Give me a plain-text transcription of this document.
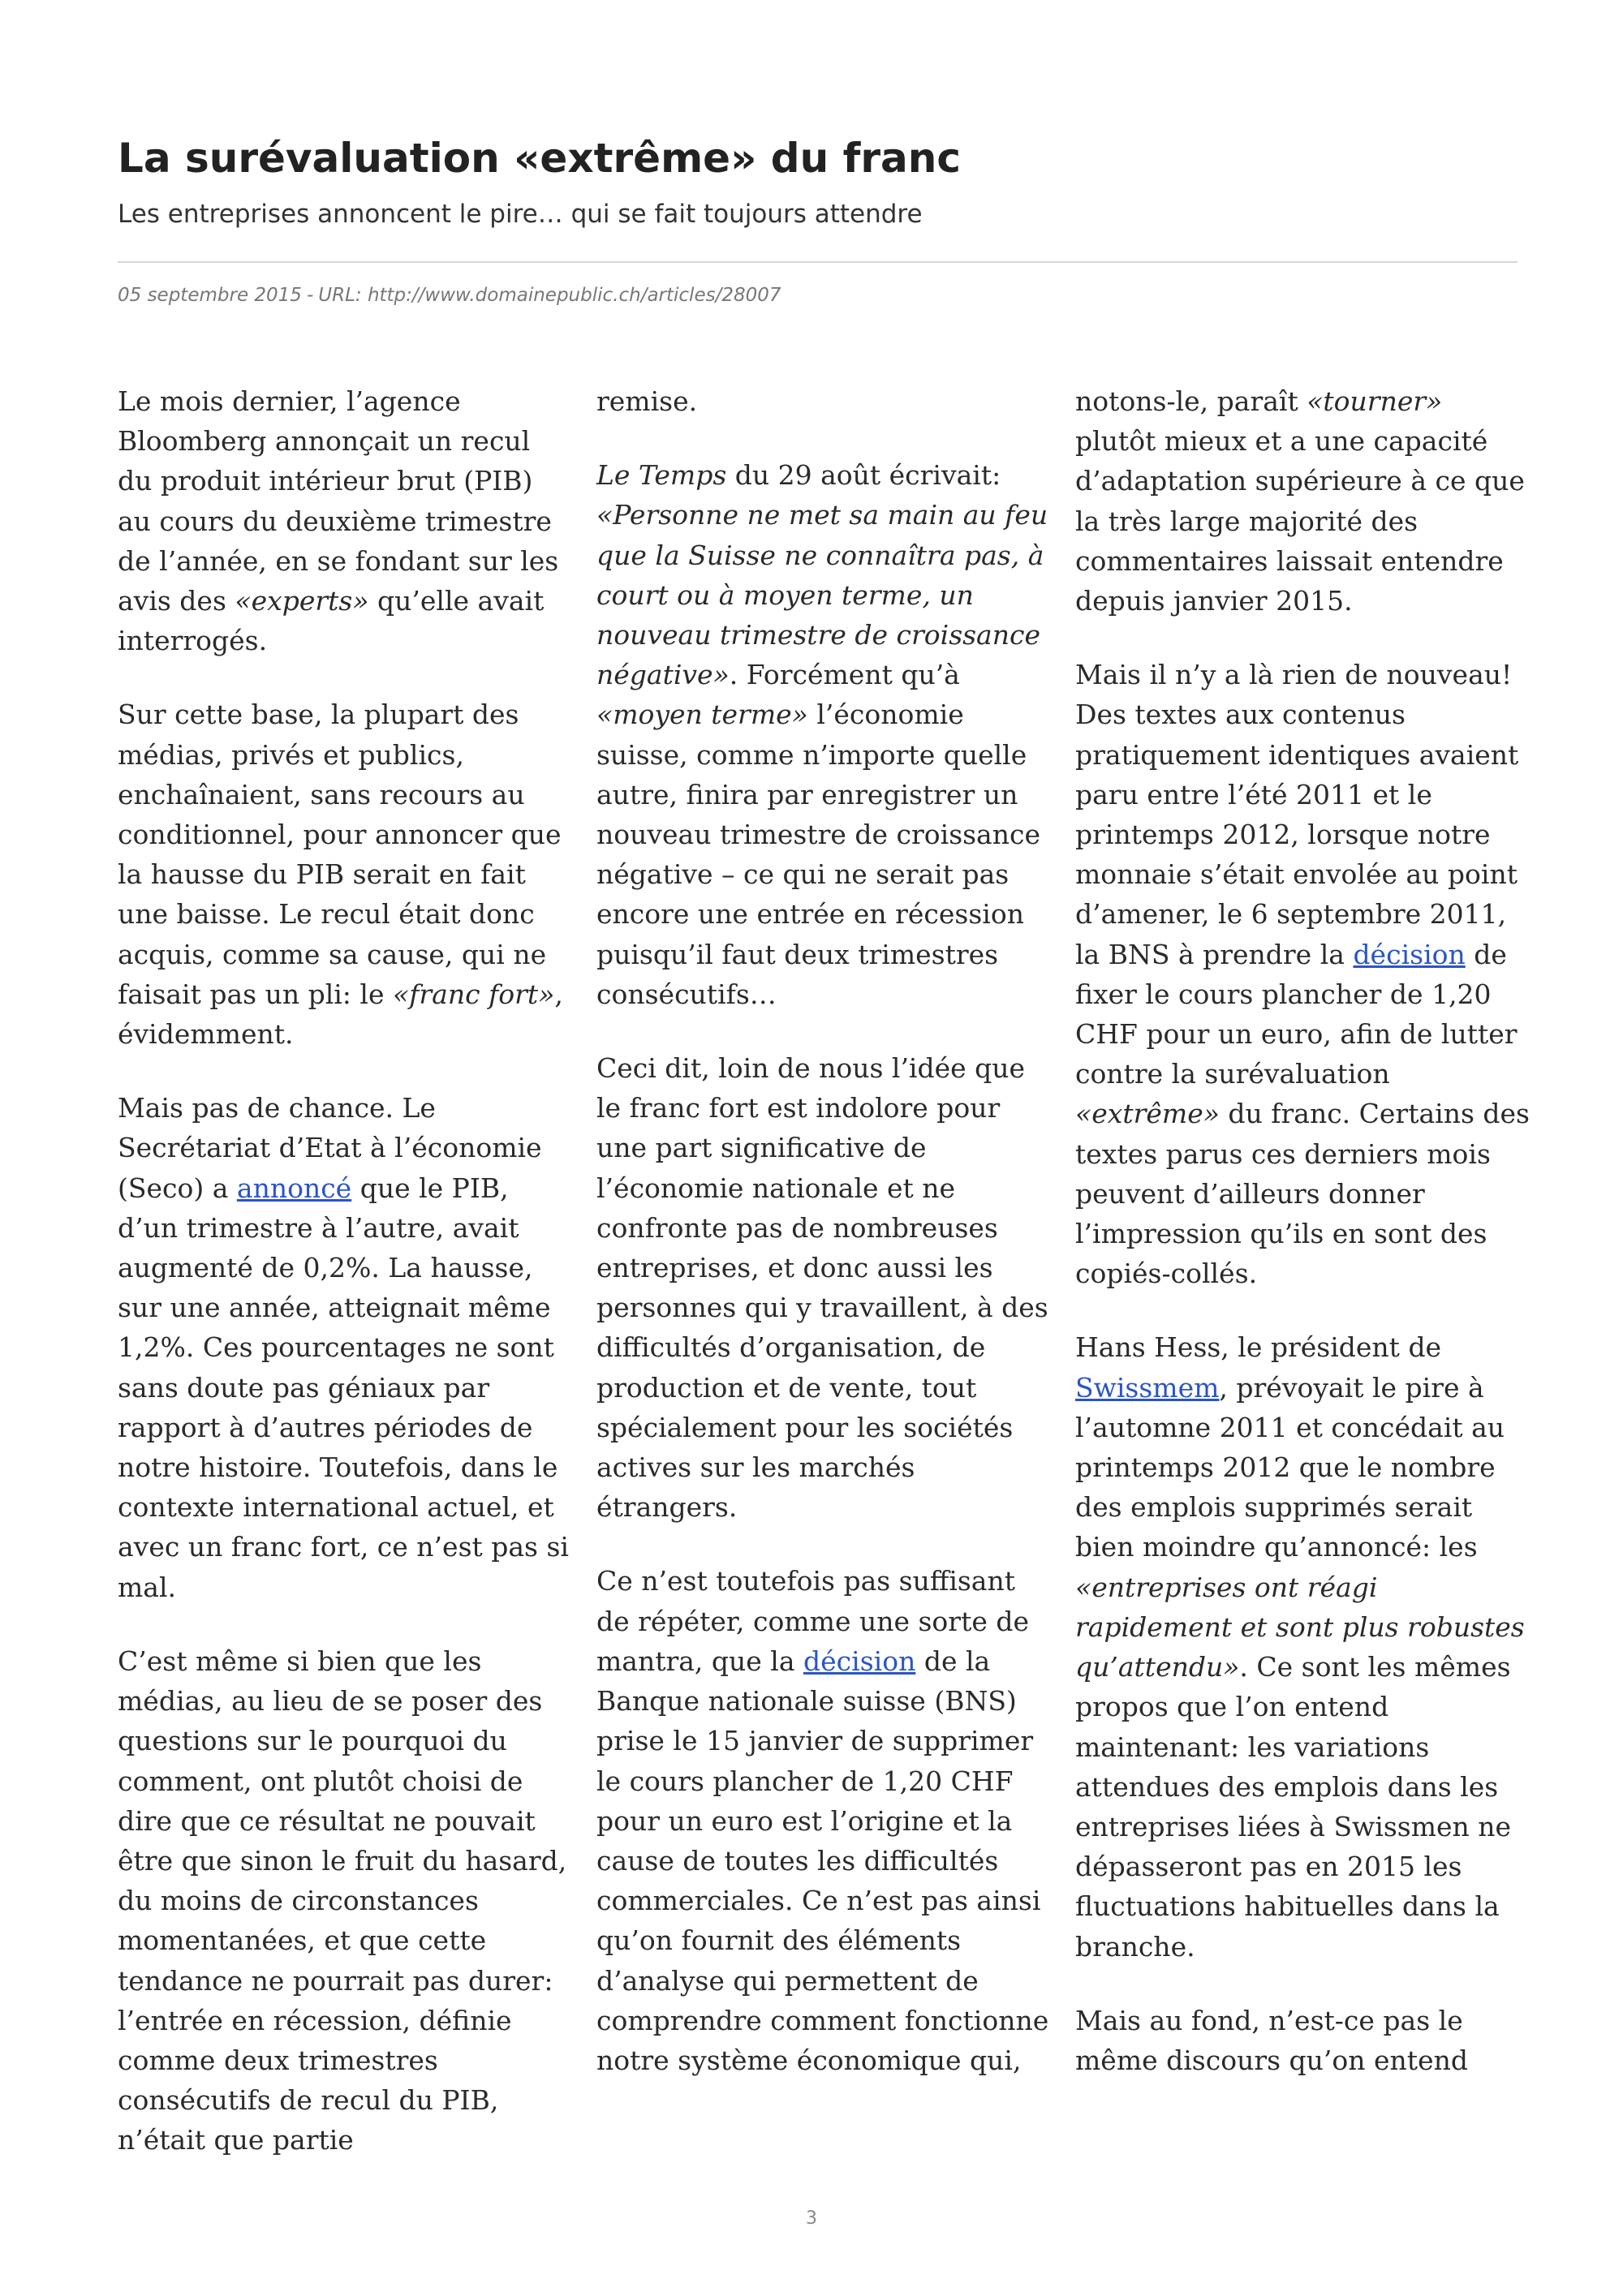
La surévaluation «extrême» du franc
Les entreprises annoncent le pire… qui se fait toujours attendre
05 septembre 2015 - URL: http://www.domainepublic.ch/articles/28007

Le mois dernier, l’agence Bloomberg annonçait un recul du produit intérieur brut (PIB) au cours du deuxième trimestre de l’année, en se fondant sur les avis des «experts» qu’elle avait interrogés.

Sur cette base, la plupart des médias, privés et publics, enchaînaient, sans recours au conditionnel, pour annoncer que la hausse du PIB serait en fait une baisse. Le recul était donc acquis, comme sa cause, qui ne faisait pas un pli: le «franc fort», évidemment.

Mais pas de chance. Le Secrétariat d’Etat à l’économie (Seco) a annoncé que le PIB, d’un trimestre à l’autre, avait augmenté de 0,2%. La hausse, sur une année, atteignait même 1,2%. Ces pourcentages ne sont sans doute pas géniaux par rapport à d’autres périodes de notre histoire. Toutefois, dans le contexte international actuel, et avec un franc fort, ce n’est pas si mal.

C’est même si bien que les médias, au lieu de se poser des questions sur le pourquoi du comment, ont plutôt choisi de dire que ce résultat ne pouvait être que sinon le fruit du hasard, du moins de circonstances momentanées, et que cette tendance ne pourrait pas durer: l’entrée en récession, définie comme deux trimestres consécutifs de recul du PIB, n’était que partie

remise.

Le Temps du 29 août écrivait: «Personne ne met sa main au feu que la Suisse ne connaîtra pas, à court ou à moyen terme, un nouveau trimestre de croissance négative». Forcément qu’à «moyen terme» l’économie suisse, comme n’importe quelle autre, finira par enregistrer un nouveau trimestre de croissance négative – ce qui ne serait pas encore une entrée en récession puisqu’il faut deux trimestres consécutifs…

Ceci dit, loin de nous l’idée que le franc fort est indolore pour une part significative de l’économie nationale et ne confronte pas de nombreuses entreprises, et donc aussi les personnes qui y travaillent, à des difficultés d’organisation, de production et de vente, tout spécialement pour les sociétés actives sur les marchés étrangers.

Ce n’est toutefois pas suffisant de répéter, comme une sorte de mantra, que la décision de la Banque nationale suisse (BNS) prise le 15 janvier de supprimer le cours plancher de 1,20 CHF pour un euro est l’origine et la cause de toutes les difficultés commerciales. Ce n’est pas ainsi qu’on fournit des éléments d’analyse qui permettent de comprendre comment fonctionne notre système économique qui,

notons-le, paraît «tourner» plutôt mieux et a une capacité d’adaptation supérieure à ce que la très large majorité des commentaires laissait entendre depuis janvier 2015.

Mais il n’y a là rien de nouveau! Des textes aux contenus pratiquement identiques avaient paru entre l’été 2011 et le printemps 2012, lorsque notre monnaie s’était envolée au point d’amener, le 6 septembre 2011, la BNS à prendre la décision de fixer le cours plancher de 1,20 CHF pour un euro, afin de lutter contre la surévaluation «extrême» du franc. Certains des textes parus ces derniers mois peuvent d’ailleurs donner l’impression qu’ils en sont des copiés-collés.

Hans Hess, le président de Swissmem, prévoyait le pire à l’automne 2011 et concédait au printemps 2012 que le nombre des emplois supprimés serait bien moindre qu’annoncé: les «entreprises ont réagi rapidement et sont plus robustes qu’attendu». Ce sont les mêmes propos que l’on entend maintenant: les variations attendues des emplois dans les entreprises liées à Swissmen ne dépasseront pas en 2015 les fluctuations habituelles dans la branche.

Mais au fond, n’est-ce pas le même discours qu’on entend

3
